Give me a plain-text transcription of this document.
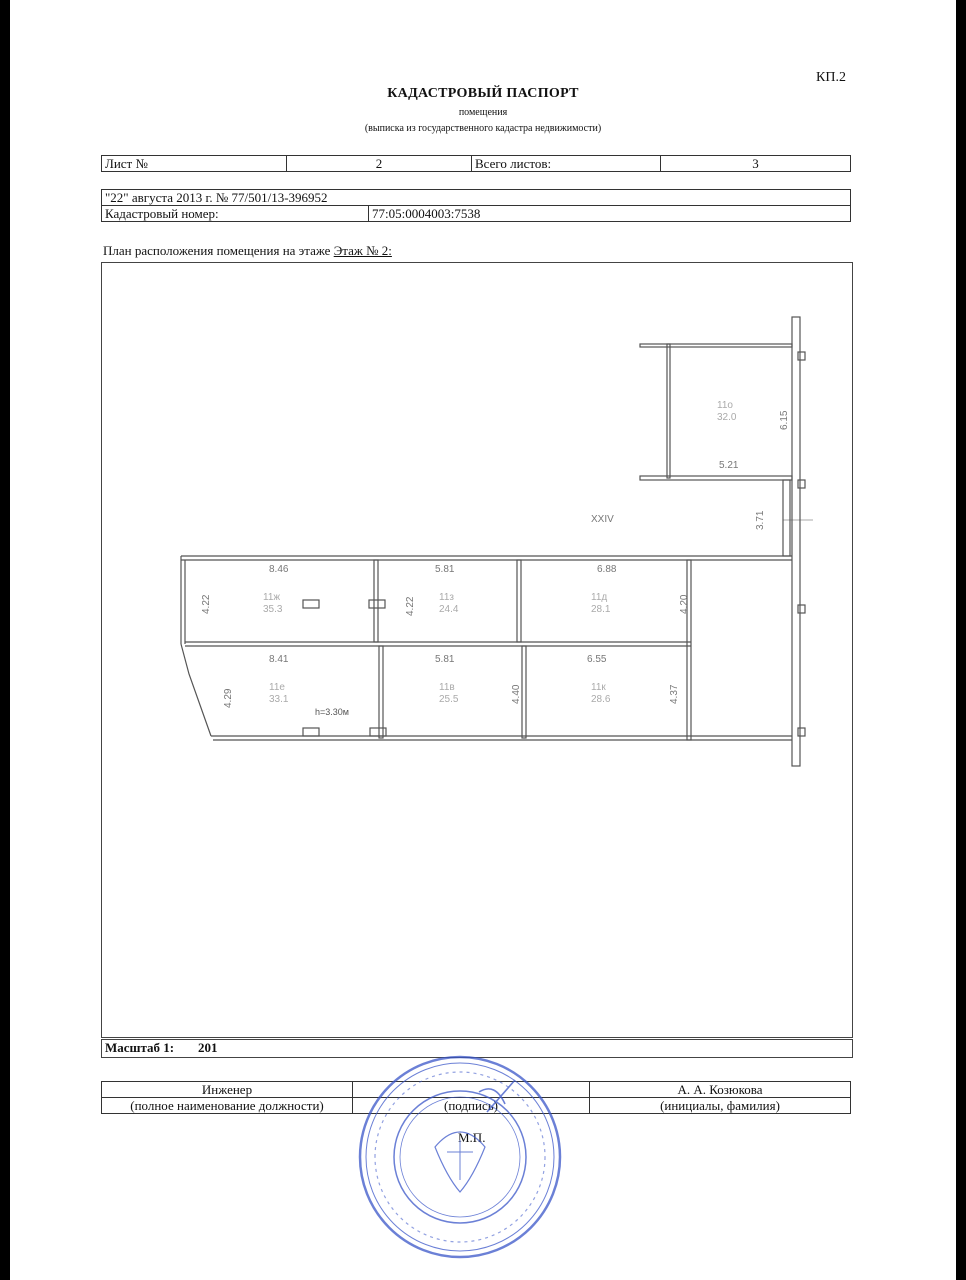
КП.2
КАДАСТРОВЫЙ ПАСПОРТ
помещения
(выписка из государственного кадастра недвижимости)
Лист №	2	Всего листов:	3
"22" августа 2013 г. № 77/501/13-396952
Кадастровый номер:	77:05:0004003:7538
План расположения помещения на этаже Этаж № 2:
XXIV	3.71
11о
32.0
5.21
6.15
8.46
11ж
35.3
4.22
5.81
11з
24.4
4.22
6.88
11д
28.1	4.20
8.41
11е
33.1
4.29
h=3.30м
5.81
11в
25.5	4.40
6.55
11к
28.6	4.37
Масштаб 1: 201
Инженер		А. А. Козюкова
(полное наименование должности)	(подпись)	(инициалы, фамилия)
М.П.
